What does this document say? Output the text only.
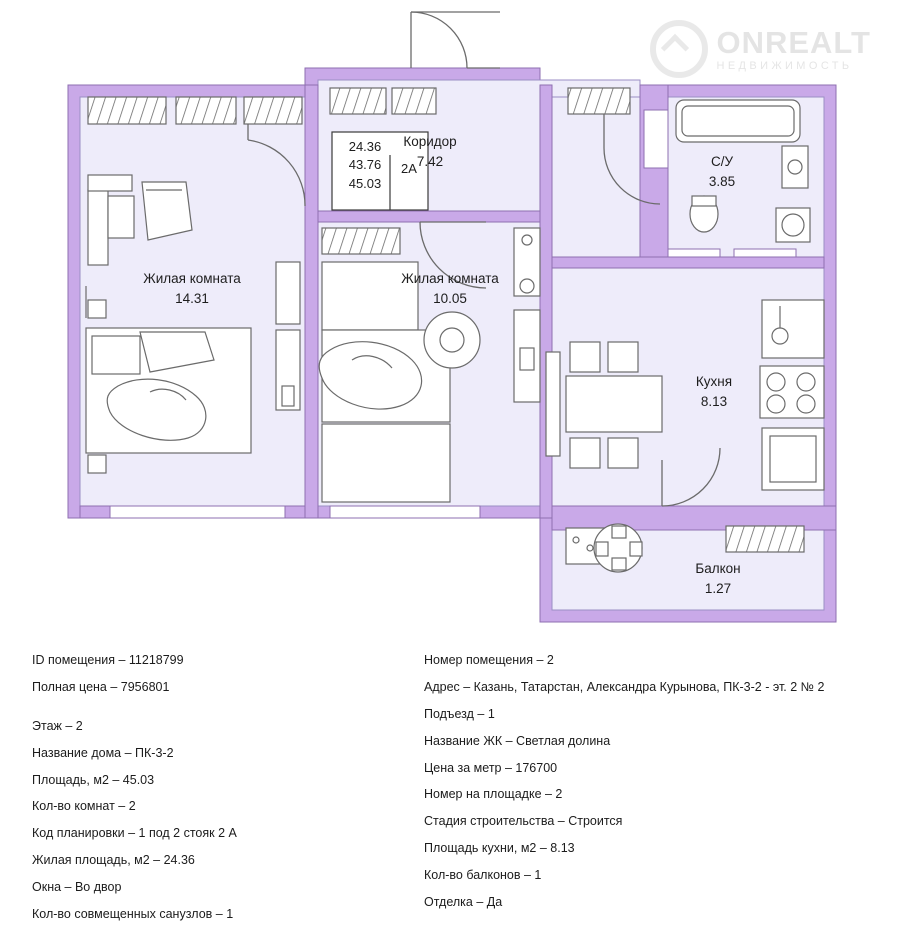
ONREALT
НЕДВИЖИМОСТЬ
24.36
43.76
45.03
2А
Коридор
7.42	С/У
3.85
Жилая комната
14.31
Жилая комната
10.05
Кухня
8.13
Балкон
1.27
ID помещения – 11218799
Полная цена – 7956801
Этаж – 2
Название дома – ПК-3-2
Площадь, м2 – 45.03
Кол-во комнат – 2
Код планировки – 1 под 2 стояк 2 А
Жилая площадь, м2 – 24.36
Окна – Во двор
Кол-во совмещенных санузлов – 1
Номер помещения – 2
Адрес – Казань, Татарстан, Александра Курынова, ПК-3-2 - эт. 2 № 2
Подъезд – 1
Название ЖК – Светлая долина
Цена за метр – 176700
Номер на площадке – 2
Стадия строительства – Строится
Площадь кухни, м2 – 8.13
Кол-во балконов – 1
Отделка – Да
